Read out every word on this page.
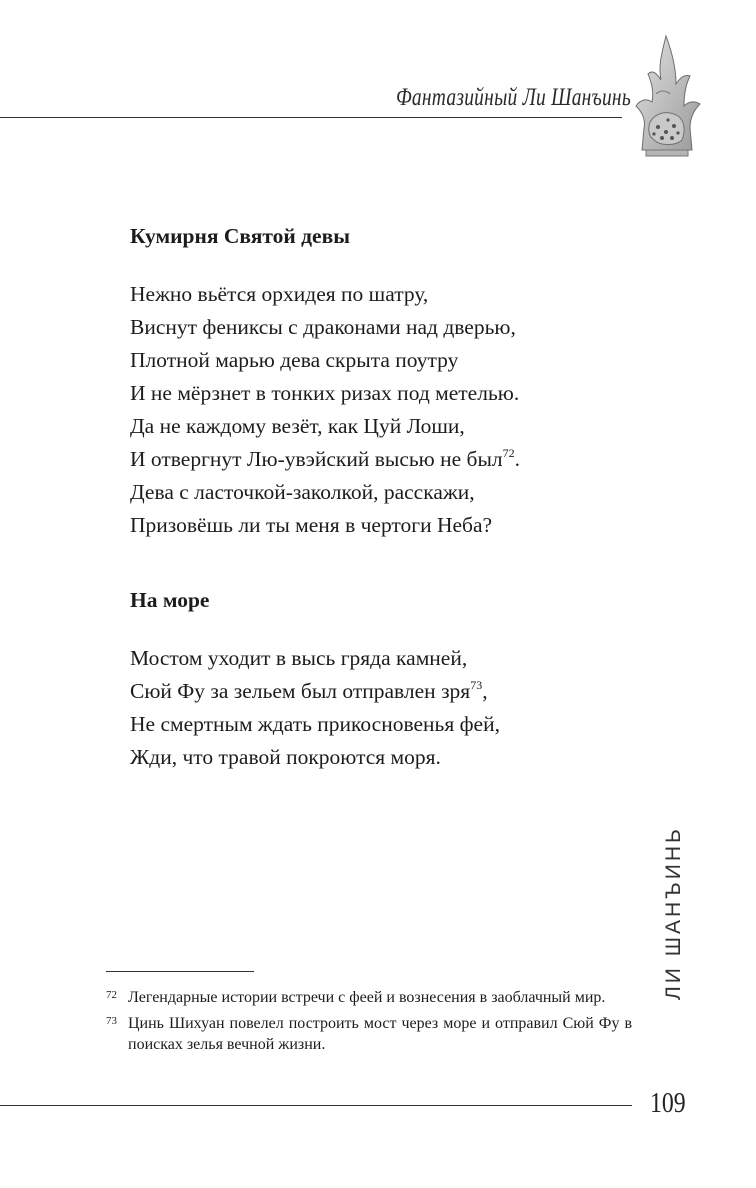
Фантазийный Ли Шанъинь
Кумирня Святой девы
Нежно вьётся орхидея по шатру,
Виснут фениксы с драконами над дверью,
Плотной марью дева скрыта поутру
И не мёрзнет в тонких ризах под метелью.
Да не каждому везёт, как Цуй Лоши,
И отвергнут Лю-увэйский высью не был$^{72}$.
Дева с ласточкой-заколкой, расскажи,
Призовёшь ли ты меня в чертоги Неба?
На море
Мостом уходит в высь гряда камней,
Сюй Фу за зельем был отправлен зря$^{73}$,
Не смертным ждать прикосновенья фей,
Жди, что травой покроются моря.
72 Легендарные истории встречи с феей и вознесения в заоблачный мир.
73 Цинь Шихуан повелел построить мост через море и отправил Сюй Фу в поисках зелья вечной жизни.
ЛИ ШАНЪИНЬ
109
